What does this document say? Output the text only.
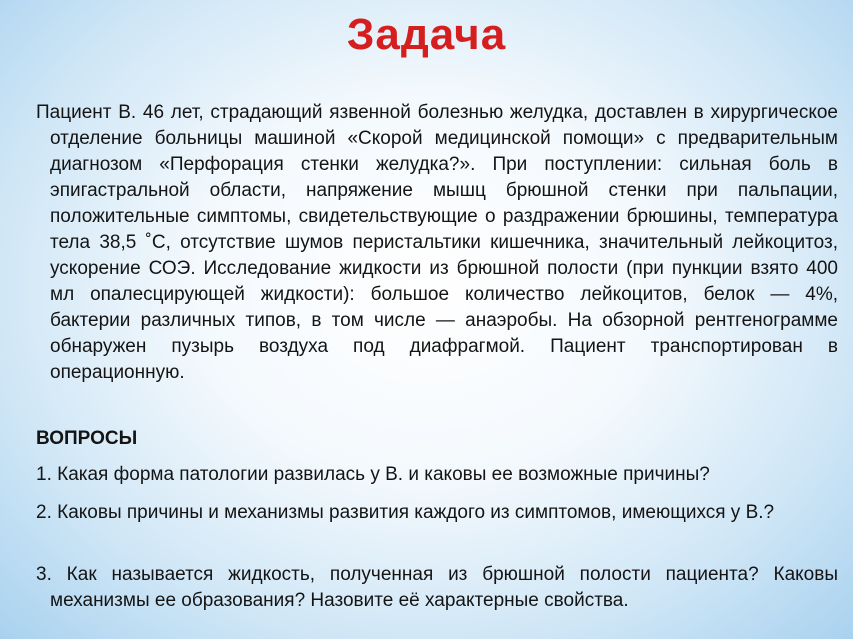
Задача
Пациент В. 46 лет, страдающий язвенной болезнью желудка, доставлен в хирургическое отделение больницы машиной «Скорой медицинской помощи» с предварительным диагнозом «Перфорация стенки желудка?». При поступлении: сильная боль в эпигастральной области, напряжение мышц брюшной стенки при пальпации, положительные симптомы, свидетельствующие о раздражении брюшины, температура тела 38,5 ˚С, отсутствие шумов перистальтики кишечника, значительный лейкоцитоз, ускорение СОЭ. Исследование жидкости из брюшной полости (при пункции взято 400 мл опалесцирующей жидкости): большое количество лейкоцитов, белок — 4%, бактерии различных типов, в том числе — анаэробы. На обзорной рентгенограмме обнаружен пузырь воздуха под диафрагмой. Пациент транспортирован в операционную.
ВОПРОСЫ
1. Какая форма патологии развилась у В. и каковы ее возможные причины?
2. Каковы причины и механизмы развития каждого из симптомов, имеющихся у В.?
3. Как называется жидкость, полученная из брюшной полости пациента? Каковы механизмы ее образования? Назовите её характерные свойства.
